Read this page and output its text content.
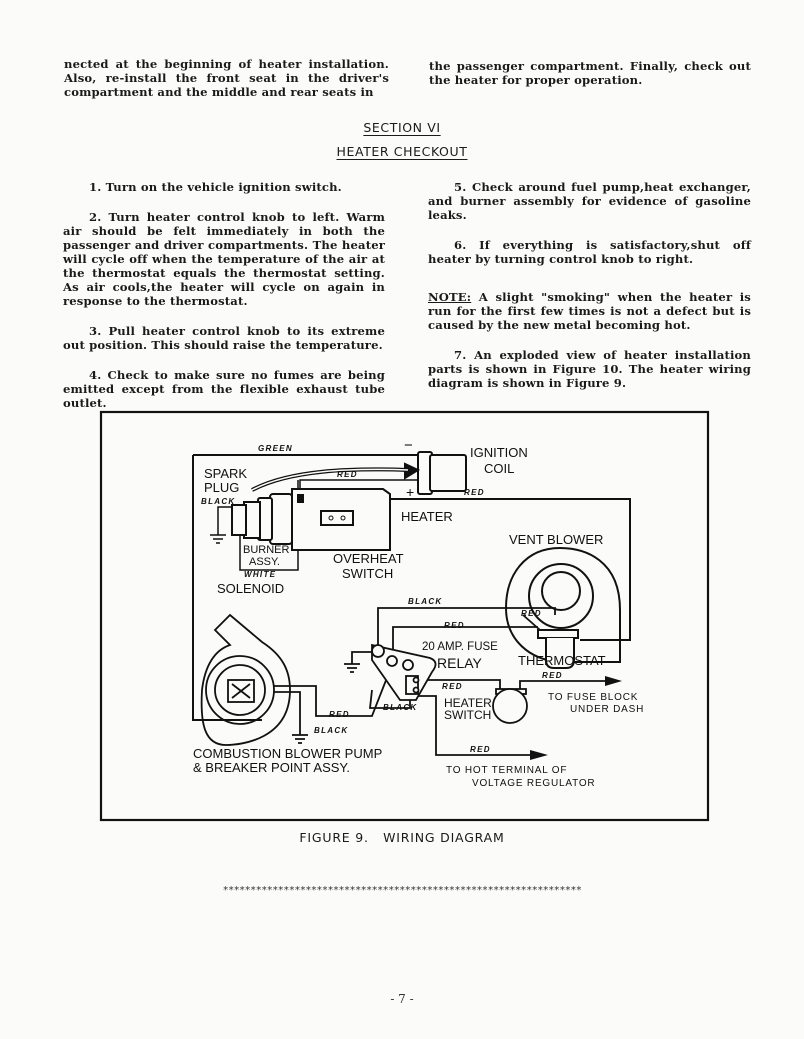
nected at the beginning of heater installation. Also, re-install the front seat in the driver's compartment and the middle and rear seats in

the passenger compartment. Finally, check out the heater for proper operation.

SECTION VI
HEATER CHECKOUT

1. Turn on the vehicle ignition switch.

2. Turn heater control knob to left. Warm air should be felt immediately in both the passenger and driver compartments. The heater will cycle off when the temperature of the air at the thermostat equals the thermostat setting. As air cools,the heater will cycle on again in response to the thermostat.

3. Pull heater control knob to its extreme out position. This should raise the temperature.

4. Check to make sure no fumes are being emitted except from the flexible exhaust tube outlet.

5. Check around fuel pump,heat exchanger, and burner assembly for evidence of gasoline leaks.

6. If everything is satisfactory,shut off heater by turning control knob to right.

NOTE: A slight "smoking" when the heater is run for the first few times is not a defect but is caused by the new metal becoming hot.

7. An exploded view of heater installation parts is shown in Figure 10. The heater wiring diagram is shown in Figure 9.

−
+
IGNITION
COIL
SPARK
PLUG
HEATER
BURNER
ASSY.	OVERHEAT
SWITCH
SOLENOID
VENT BLOWER
20 AMP. FUSE
RELAY	THERMOSTAT
HEATER
SWITCH
COMBUSTION BLOWER PUMP
& BREAKER POINT ASSY.
TO FUSE BLOCK
UNDER DASH
TO HOT TERMINAL OF
VOLTAGE REGULATOR
GREEN
RED
RED
BLACK
WHITE
BLACK
RED
RED
RED
RED
BLACK
RED
BLACK
RED
FIGURE 9.   WIRING DIAGRAM
*****************************************************************
- 7 -
